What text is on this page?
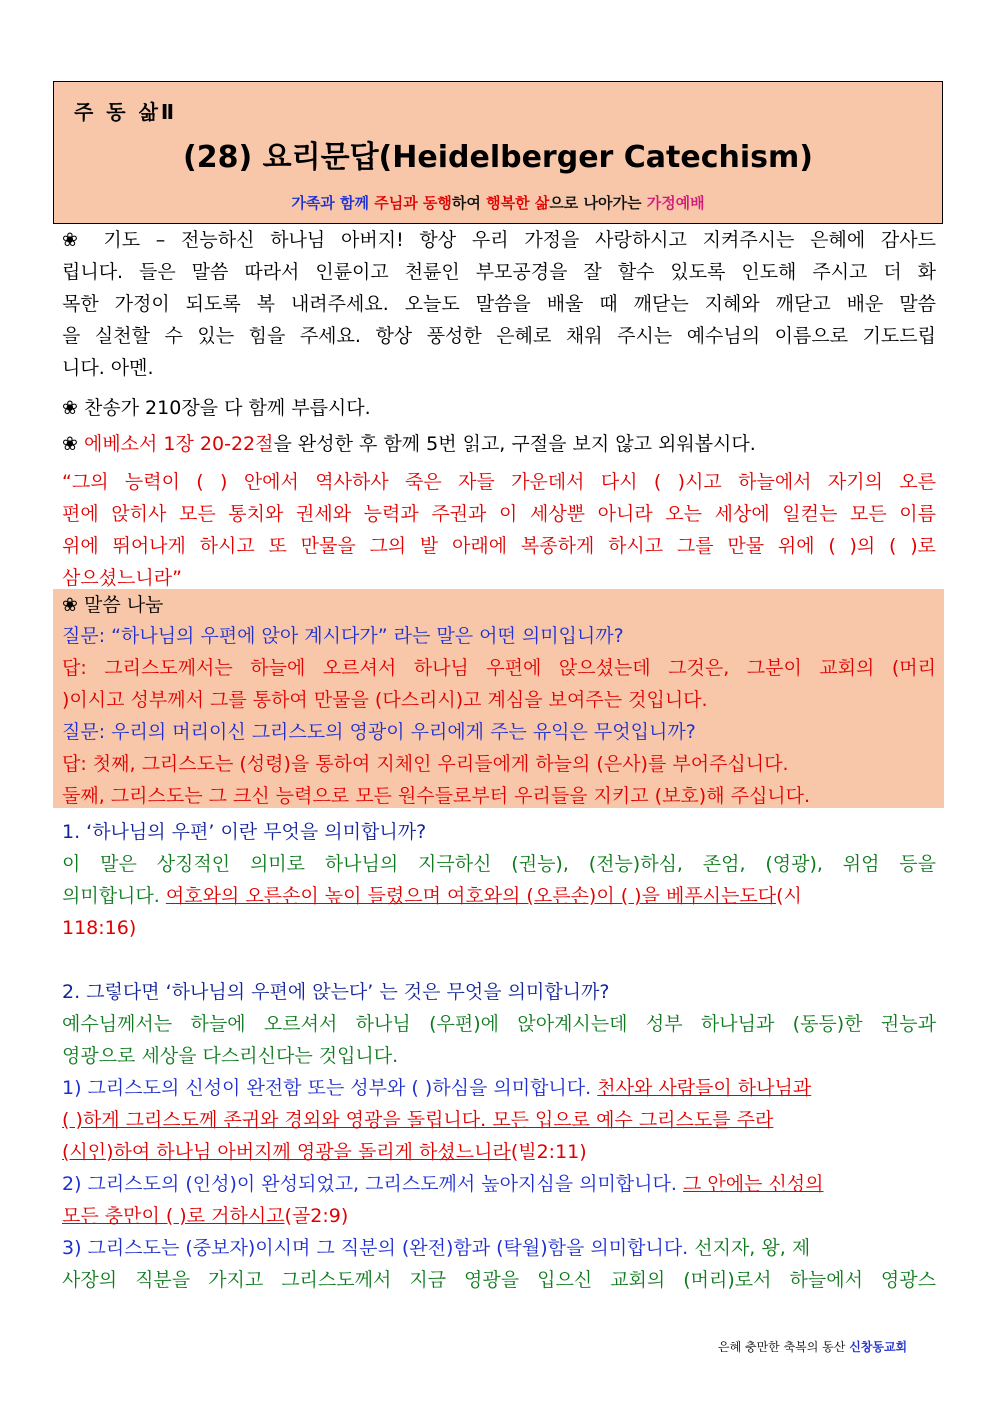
주 동 삶Ⅱ
(28) 요리문답(Heidelberger Catechism)
가족과 함께 주님과 동행하여 행복한 삶으로 나아가는 가정예배
❀ 기도 – 전능하신 하나님 아버지! 항상 우리 가정을 사랑하시고 지켜주시는 은혜에 감사드
립니다. 들은 말씀 따라서 인륜이고 천륜인 부모공경을 잘 할수 있도록 인도해 주시고 더 화
목한 가정이 되도록 복 내려주세요. 오늘도 말씀을 배울 때 깨닫는 지혜와 깨닫고 배운 말씀
을 실천할 수 있는 힘을 주세요. 항상 풍성한 은혜로 채워 주시는 예수님의 이름으로 기도드립
니다. 아멘.
❀ 찬송가 210장을 다 함께 부릅시다.
❀ 에베소서 1장 20-22절을 완성한 후 함께 5번 읽고, 구절을 보지 않고 외워봅시다.
“그의 능력이 ( ) 안에서 역사하사 죽은 자들 가운데서 다시 ( )시고 하늘에서 자기의 오른
편에 앉히사 모든 통치와 권세와 능력과 주권과 이 세상뿐 아니라 오는 세상에 일컫는 모든 이름
위에 뛰어나게 하시고 또 만물을 그의 발 아래에 복종하게 하시고 그를 만물 위에 ( )의 ( )로
삼으셨느니라”
❀ 말씀 나눔
질문: “하나님의 우편에 앉아 계시다가” 라는 말은 어떤 의미입니까?
답: 그리스도께서는 하늘에 오르셔서 하나님 우편에 앉으셨는데 그것은, 그분이 교회의 (머리
)이시고 성부께서 그를 통하여 만물을 (다스리시)고 계심을 보여주는 것입니다.
질문: 우리의 머리이신 그리스도의 영광이 우리에게 주는 유익은 무엇입니까?
답: 첫째, 그리스도는 (성령)을 통하여 지체인 우리들에게 하늘의 (은사)를 부어주십니다.
둘째, 그리스도는 그 크신 능력으로 모든 원수들로부터 우리들을 지키고 (보호)해 주십니다.
1. ‘하나님의 우편’ 이란 무엇을 의미합니까?
이 말은 상징적인 의미로 하나님의 지극하신 (권능), (전능)하심, 존엄, (영광), 위엄 등을
의미합니다. 여호와의 오른손이 높이 들렸으며 여호와의 (오른손)이 ( )을 베푸시는도다(시
118:16)
2. 그렇다면 ‘하나님의 우편에 앉는다’ 는 것은 무엇을 의미합니까?
예수님께서는 하늘에 오르셔서 하나님 (우편)에 앉아계시는데 성부 하나님과 (동등)한 권능과
영광으로 세상을 다스리신다는 것입니다.
1) 그리스도의 신성이 완전함 또는 성부와 ( )하심을 의미합니다. 천사와 사람들이 하나님과
( )하게 그리스도께 존귀와 경외와 영광을 돌립니다. 모든 입으로 예수 그리스도를 주라
(시인)하여 하나님 아버지께 영광을 돌리게 하셨느니라(빌2:11)
2) 그리스도의 (인성)이 완성되었고, 그리스도께서 높아지심을 의미합니다. 그 안에는 신성의
모든 충만이 ( )로 거하시고(골2:9)
3) 그리스도는 (중보자)이시며 그 직분의 (완전)함과 (탁월)함을 의미합니다. 선지자, 왕, 제
사장의 직분을 가지고 그리스도께서 지금 영광을 입으신 교회의 (머리)로서 하늘에서 영광스
은혜 충만한 축복의 동산 신창동교회
